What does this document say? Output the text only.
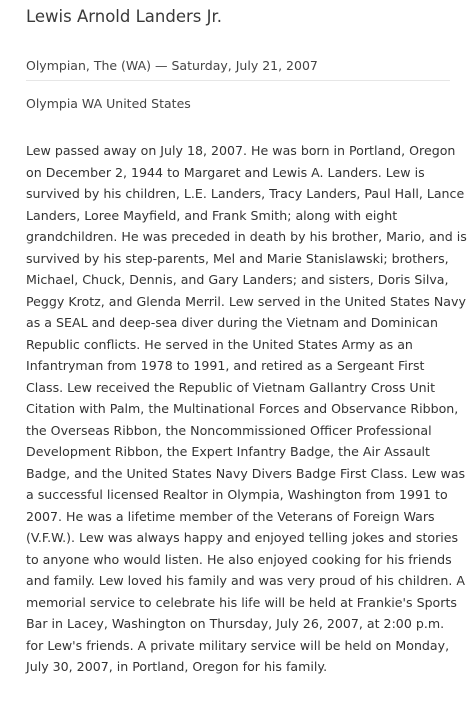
Lewis Arnold Landers Jr.
Olympian, The (WA) — Saturday, July 21, 2007
Olympia WA United States

Lew passed away on July 18, 2007. He was born in Portland, Oregon
on December 2, 1944 to Margaret and Lewis A. Landers. Lew is
survived by his children, L.E. Landers, Tracy Landers, Paul Hall, Lance
Landers, Loree Mayfield, and Frank Smith; along with eight
grandchildren. He was preceded in death by his brother, Mario, and is
survived by his step-parents, Mel and Marie Stanislawski; brothers,
Michael, Chuck, Dennis, and Gary Landers; and sisters, Doris Silva,
Peggy Krotz, and Glenda Merril. Lew served in the United States Navy
as a SEAL and deep-sea diver during the Vietnam and Dominican
Republic conflicts. He served in the United States Army as an
Infantryman from 1978 to 1991, and retired as a Sergeant First
Class. Lew received the Republic of Vietnam Gallantry Cross Unit
Citation with Palm, the Multinational Forces and Observance Ribbon,
the Overseas Ribbon, the Noncommissioned Officer Professional
Development Ribbon, the Expert Infantry Badge, the Air Assault
Badge, and the United States Navy Divers Badge First Class. Lew was
a successful licensed Realtor in Olympia, Washington from 1991 to
2007. He was a lifetime member of the Veterans of Foreign Wars
(V.F.W.). Lew was always happy and enjoyed telling jokes and stories
to anyone who would listen. He also enjoyed cooking for his friends
and family. Lew loved his family and was very proud of his children. A
memorial service to celebrate his life will be held at Frankie's Sports
Bar in Lacey, Washington on Thursday, July 26, 2007, at 2:00 p.m.
for Lew's friends. A private military service will be held on Monday,
July 30, 2007, in Portland, Oregon for his family.
